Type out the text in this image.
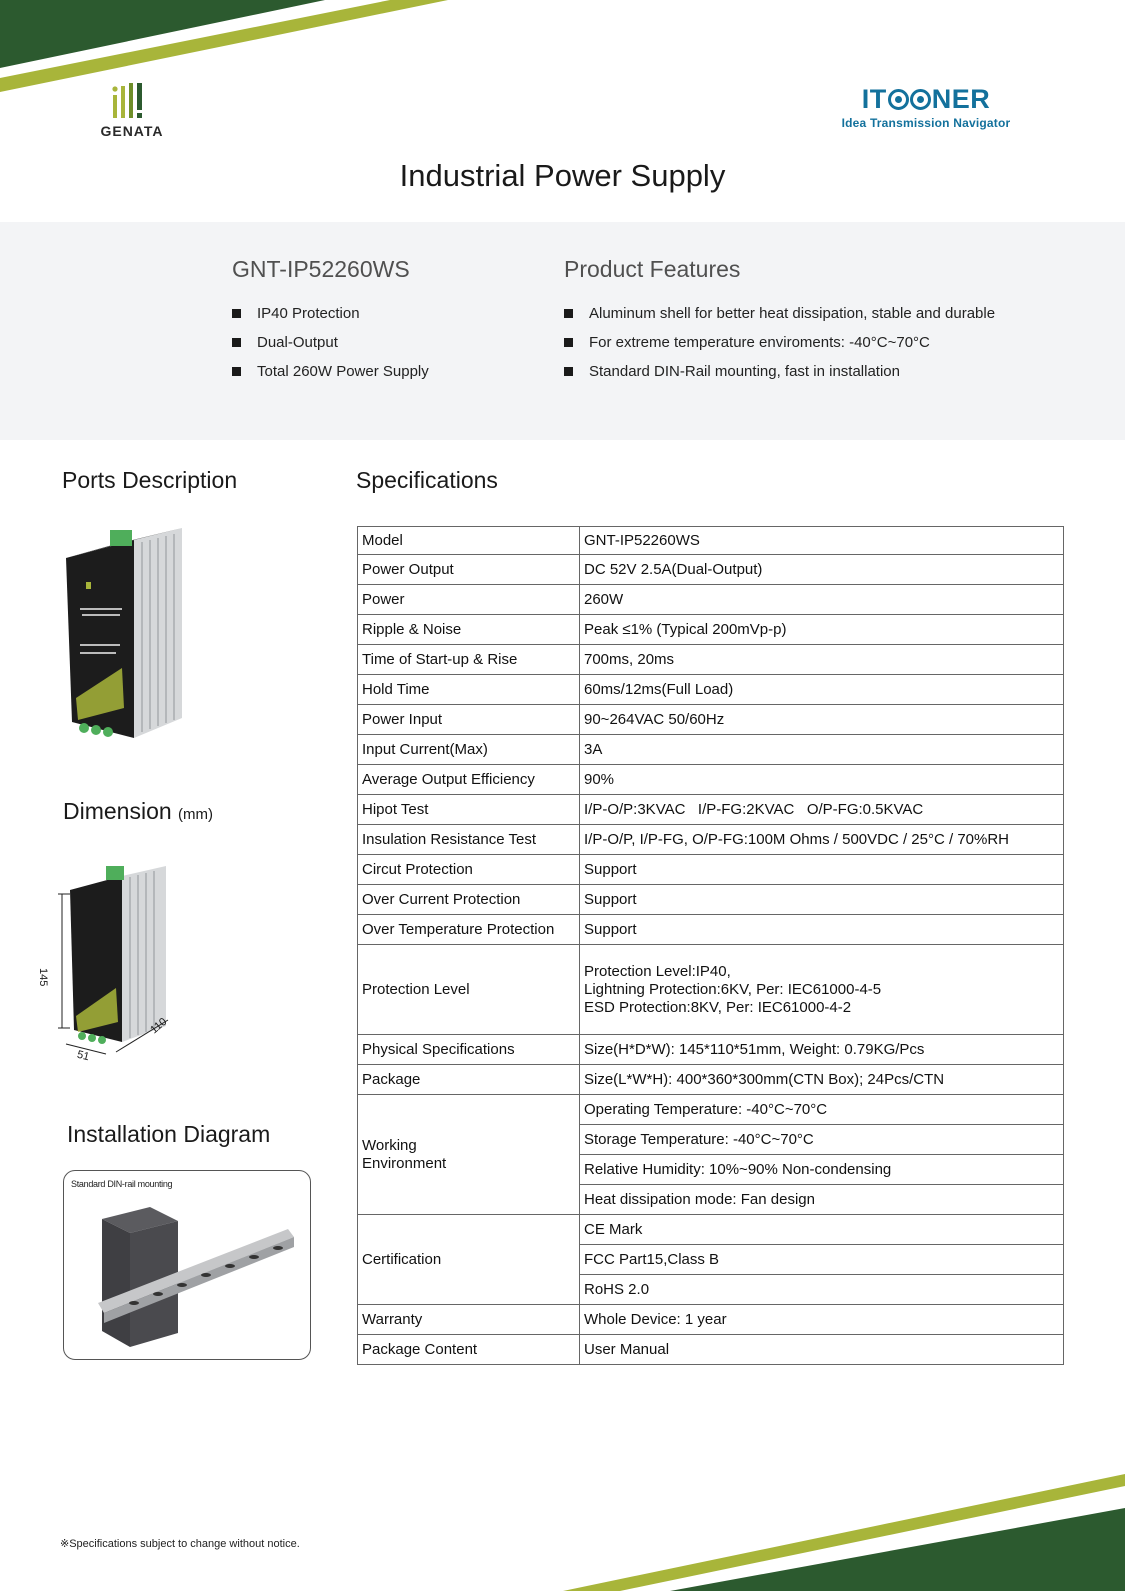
GENATA
IT NER
Idea Transmission Navigator
Industrial Power Supply
GNT-IP52260WS
IP40 Protection
Dual-Output
Total 260W Power Supply
Product Features
Aluminum shell for better heat dissipation, stable and durable
For extreme temperature enviroments: -40°C~70°C
Standard DIN-Rail mounting, fast in installation
Ports Description
Dimension (mm)
145
110
51
Installation Diagram
Standard DIN-rail mounting
※Specifications subject to change without notice.
Specifications
Model	GNT-IP52260WS
Power Output	DC 52V 2.5A(Dual-Output)
Power	260W
Ripple & Noise	Peak ≤1% (Typical 200mVp-p)
Time of Start-up & Rise	700ms, 20ms
Hold Time	60ms/12ms(Full Load)
Power Input	90~264VAC 50/60Hz
Input Current(Max)	3A
Average Output Efficiency	90%
Hipot Test	I/P-O/P:3KVAC   I/P-FG:2KVAC   O/P-FG:0.5KVAC
Insulation Resistance Test	I/P-O/P, I/P-FG, O/P-FG:100M Ohms / 500VDC / 25°C / 70%RH
Circut Protection	Support
Over Current Protection	Support
Over Temperature Protection	Support
Protection Level	Protection Level:IP40,
Lightning Protection:6KV, Per: IEC61000-4-5
ESD Protection:8KV, Per: IEC61000-4-2

Physical Specifications	Size(H*D*W): 145*110*51mm, Weight: 0.79KG/Pcs
Package	Size(L*W*H): 400*360*300mm(CTN Box); 24Pcs/CTN

Working
Environment	Operating Temperature: -40°C~70°C
	Storage Temperature: -40°C~70°C
	Relative Humidity: 10%~90% Non-condensing
	Heat dissipation mode: Fan design
Certification	CE Mark
	FCC Part15,Class B
	RoHS 2.0
Warranty	Whole Device: 1 year
Package Content	User Manual
